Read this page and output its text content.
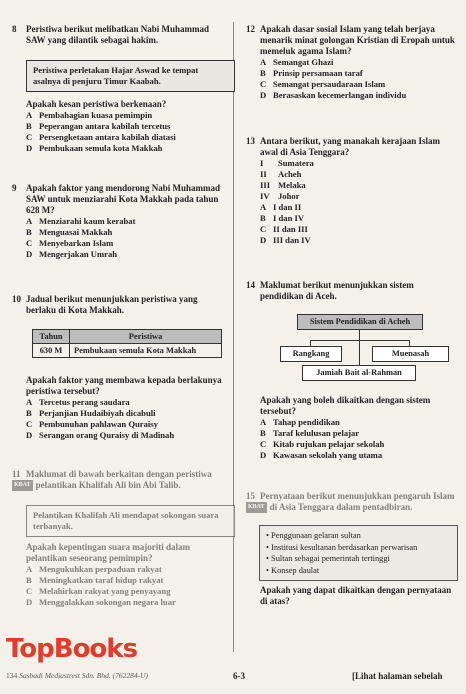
8	Peristiwa berikut melibatkan Nabi Muhammad SAW yang dilantik sebagai hakim.
Peristiwa perletakan Hajar Aswad ke tempat asalnya di penjuru Timur Kaabah.
Apakah kesan peristiwa berkenaan?
A Pembahagian kuasa pemimpin
B Peperangan antara kabilah tercetus
C Persengketaan antara kabilah diatasi
D Pembukaan semula kota Makkah
9	Apakah faktor yang mendorong Nabi Muhammad SAW untuk menziarahi Kota Makkah pada tahun 628 M?
A Menziarahi kaum kerabat
B Menguasai Makkah
C Menyebarkan Islam
D Mengerjakan Umrah
10 Jadual berikut menunjukkan peristiwa yang berlaku di Kota Makkah.
Tahun	Peristiwa
630 M	Pembukaan semula Kota Makkah
Apakah faktor yang membawa kepada berlakunya peristiwa tersebut?
A Tercetus perang saudara
B Perjanjian Hudaibiyah dicabuli
C Pembunuhan pahlawan Quraisy
D Serangan orang Quraisy di Madinah
11 Maklumat di bawah berkaitan dengan peristiwa
KBAT pelantikan Khalifah Ali bin Abi Talib.
Pelantikan Khalifah Ali mendapat sokongan suara terbanyak.
Apakah kepentingan suara majoriti dalam pelantikan seseorang pemimpin?
A Mengukuhkan perpaduan rakyat
B Meningkatkan taraf hidup rakyat
C Melahirkan rakyat yang penyayang
D Menggalakkan sokongan negara luar
12 Apakah dasar sosial Islam yang telah berjaya menarik minat golongan Kristian di Eropah untuk memeluk agama Islam?
A Semangat Ghazi
B Prinsip persamaan taraf
C Semangat persaudaraan Islam
D Berasaskan kecemerlangan individu
13 Antara berikut, yang manakah kerajaan Islam awal di Asia Tenggara?
I	Sumatera
II	Acheh
III Melaka
IV Johor
A I dan II
B I dan IV
C II dan III
D III dan IV
14 Maklumat berikut menunjukkan sistem pendidikan di Aceh.
Sistem Pendidikan di Acheh
Rangkang	Muenasah
Jamiah Bait al-Rahman
Apakah yang boleh dikaitkan dengan sistem tersebut?
A Tahap pendidikan
B Taraf kelulusan pelajar
C Kitab rujukan pelajar sekolah
D Kawasan sekolah yang utama
15 Pernyataan berikut menunjukkan pengaruh Islam
KBAT di Asia Tenggara dalam pentadbiran.
• Penggunaan gelaran sultan
• Institusi kesultanan berdasarkan perwarisan
• Sultan sebagai pemerintah tertinggi
• Konsep daulat
Apakah yang dapat dikaitkan dengan pernyataan di atas?
TopBooks
134 Sasbadi Mediastrest Sdn. Bhd. (762284-U)	6-3	[Lihat halaman sebelah
